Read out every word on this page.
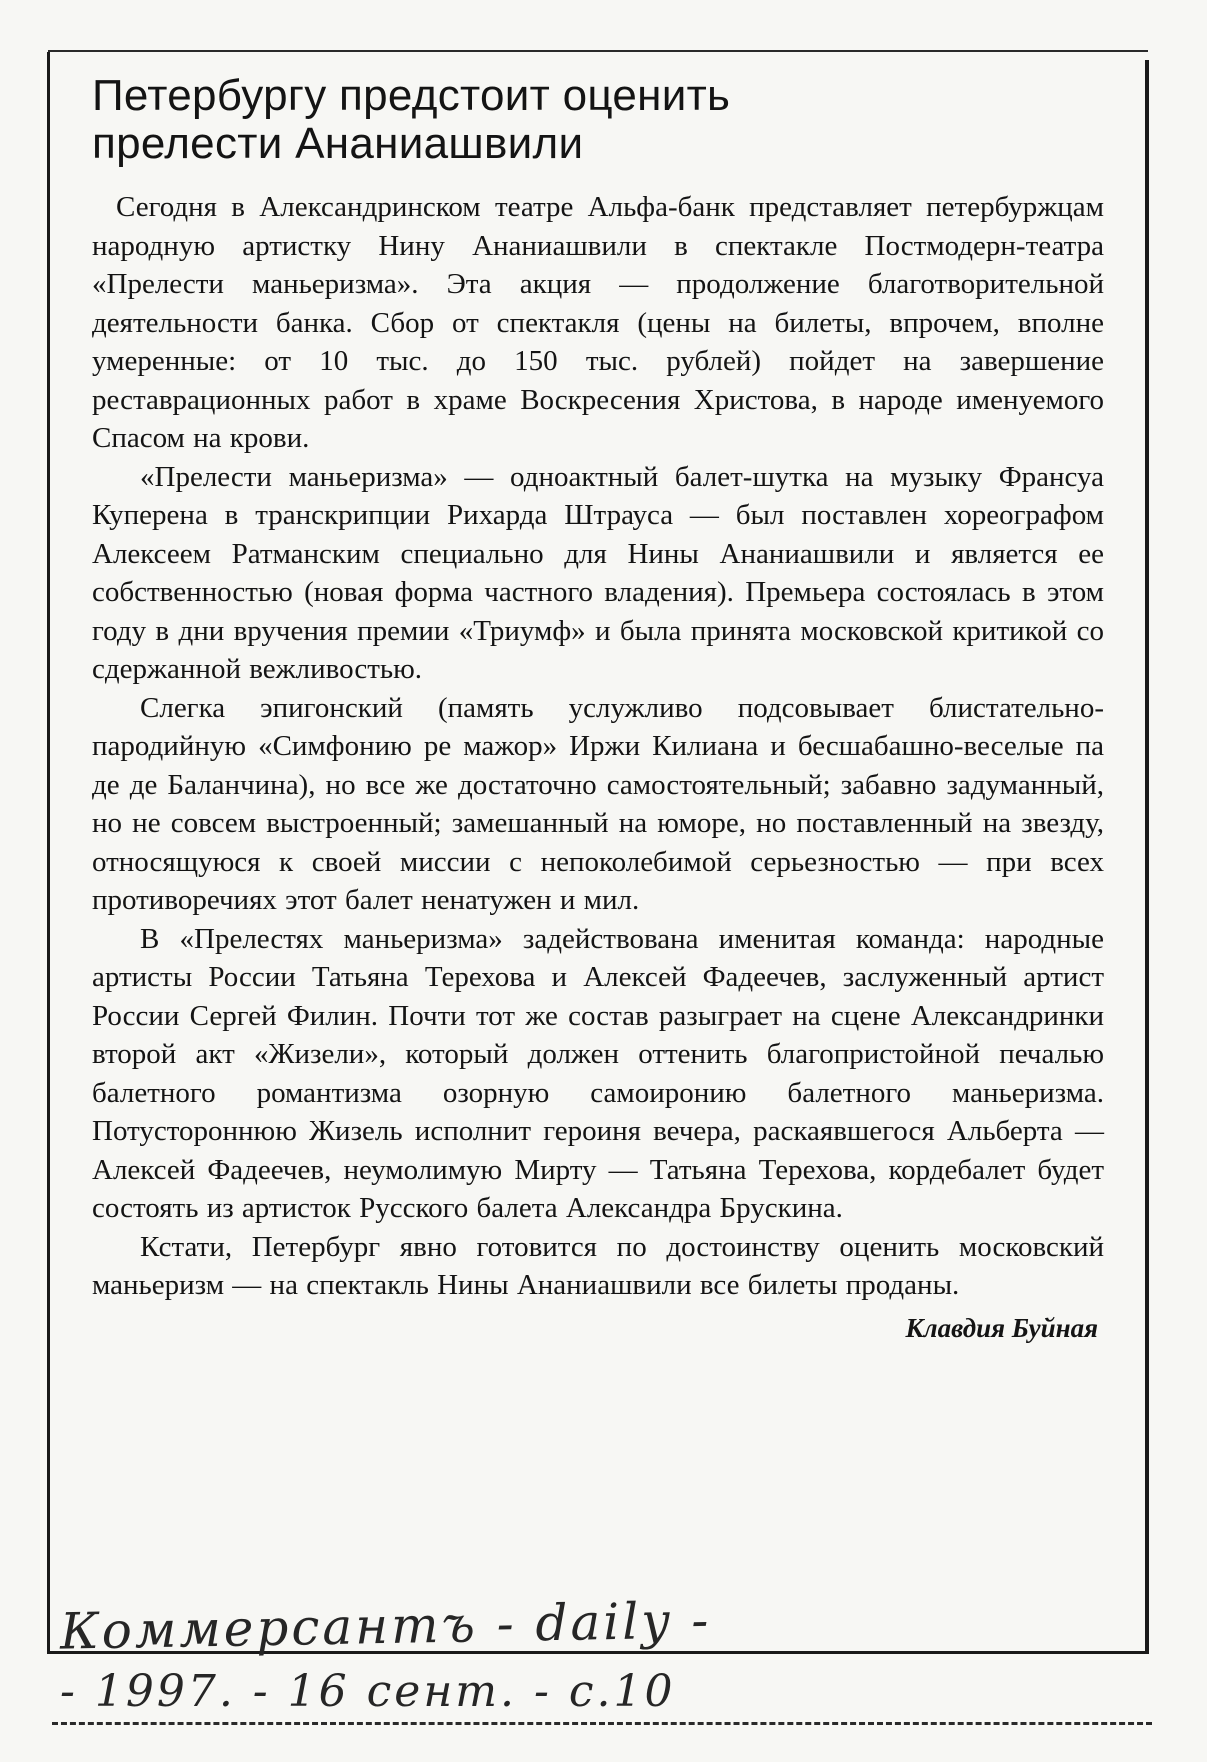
Петербургу предстоит оценить
прелести Ананиашвили

Сегодня в Александринском театре Альфа-банк представляет петербуржцам народную артистку Нину Ананиашвили в спектакле Постмодерн-театра «Прелести маньеризма». Эта акция — продолжение благотворительной деятельности банка. Сбор от спектакля (цены на билеты, впрочем, вполне умеренные: от 10 тыс. до 150 тыс. рублей) пойдет на завершение реставрационных работ в храме Воскресения Христова, в народе именуемого Спасом на крови.

«Прелести маньеризма» — одноактный балет-шутка на музыку Франсуа Куперена в транскрипции Рихарда Штрауса — был поставлен хореографом Алексеем Ратманским специально для Нины Ананиашвили и является ее собственностью (новая форма частного владения). Премьера состоялась в этом году в дни вручения премии «Триумф» и была принята московской критикой со сдержанной вежливостью.

Слегка эпигонский (память услужливо подсовывает блистательно-пародийную «Симфонию ре мажор» Иржи Килиана и бесшабашно-веселые па де де Баланчина), но все же достаточно самостоятельный; забавно задуманный, но не совсем выстроенный; замешанный на юморе, но поставленный на звезду, относящуюся к своей миссии с непоколебимой серьезностью — при всех противоречиях этот балет ненатужен и мил.

В «Прелестях маньеризма» задействована именитая команда: народные артисты России Татьяна Терехова и Алексей Фадеечев, заслуженный артист России Сергей Филин. Почти тот же состав разыграет на сцене Александринки второй акт «Жизели», который должен оттенить благопристойной печалью балетного романтизма озорную самоиронию балетного маньеризма. Потустороннюю Жизель исполнит героиня вечера, раскаявшегося Альберта — Алексей Фадеечев, неумолимую Мирту — Татьяна Терехова, кордебалет будет состоять из артисток Русского балета Александра Брускина.

Кстати, Петербург явно готовится по достоинству оценить московский маньеризм — на спектакль Нины Ананиашвили все билеты проданы.

Клавдия Буйная
Коммерсантъ - daily -
- 1997. - 16 сент. - с.10
